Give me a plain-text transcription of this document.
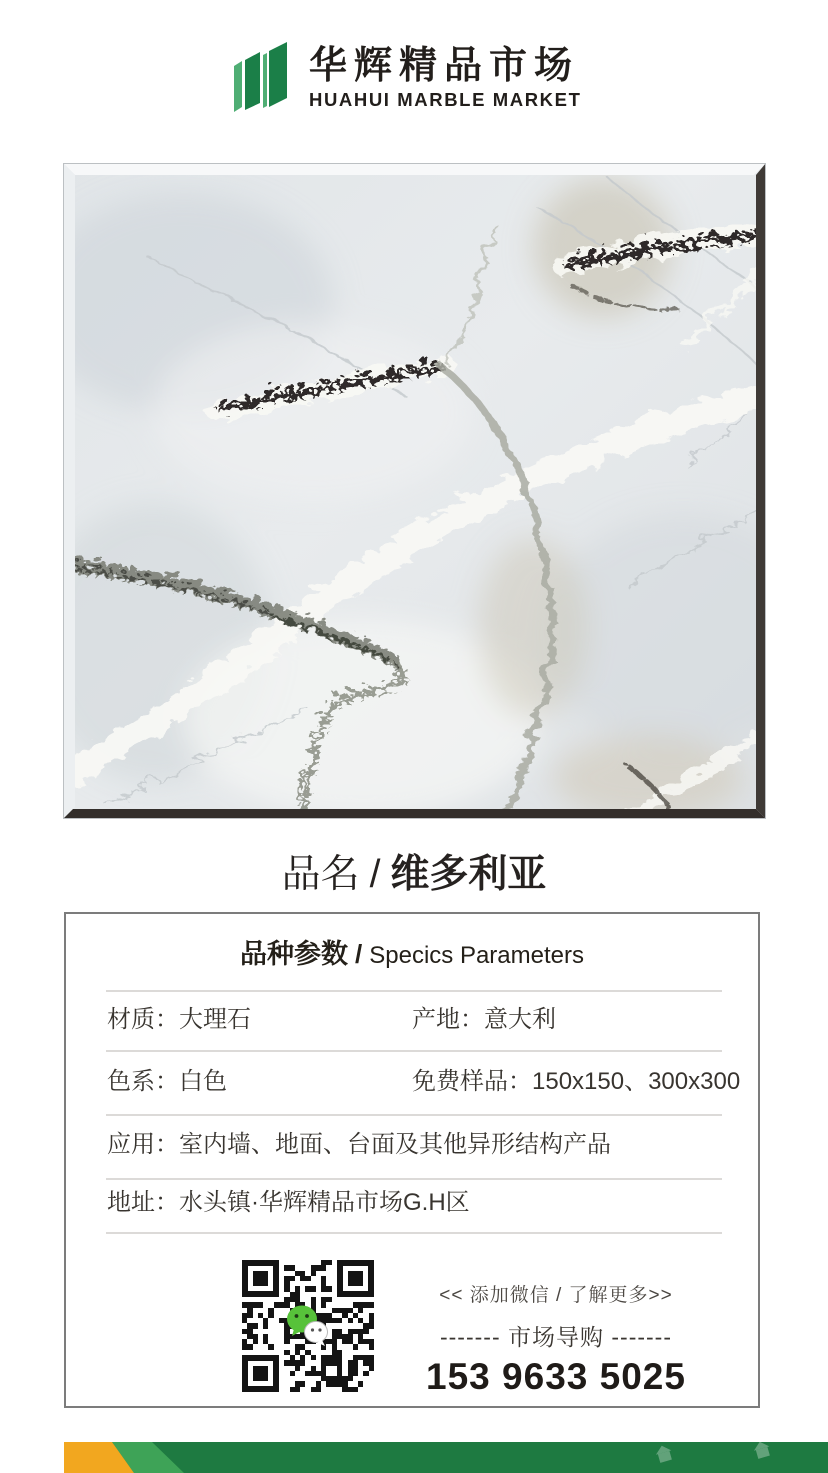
华辉精品市场
HUAHUI MARBLE MARKET
品名 / 维多利亚
品种参数 / Specics Parameters
材质：大理石	产地：意大利
色系：白色	免费样品：150x150、300x300
应用：室内墙、地面、台面及其他异形结构产品
地址：水头镇·华辉精品市场G.H区
<< 添加微信 / 了解更多>>
------- 市场导购 -------
153 9633 5025
